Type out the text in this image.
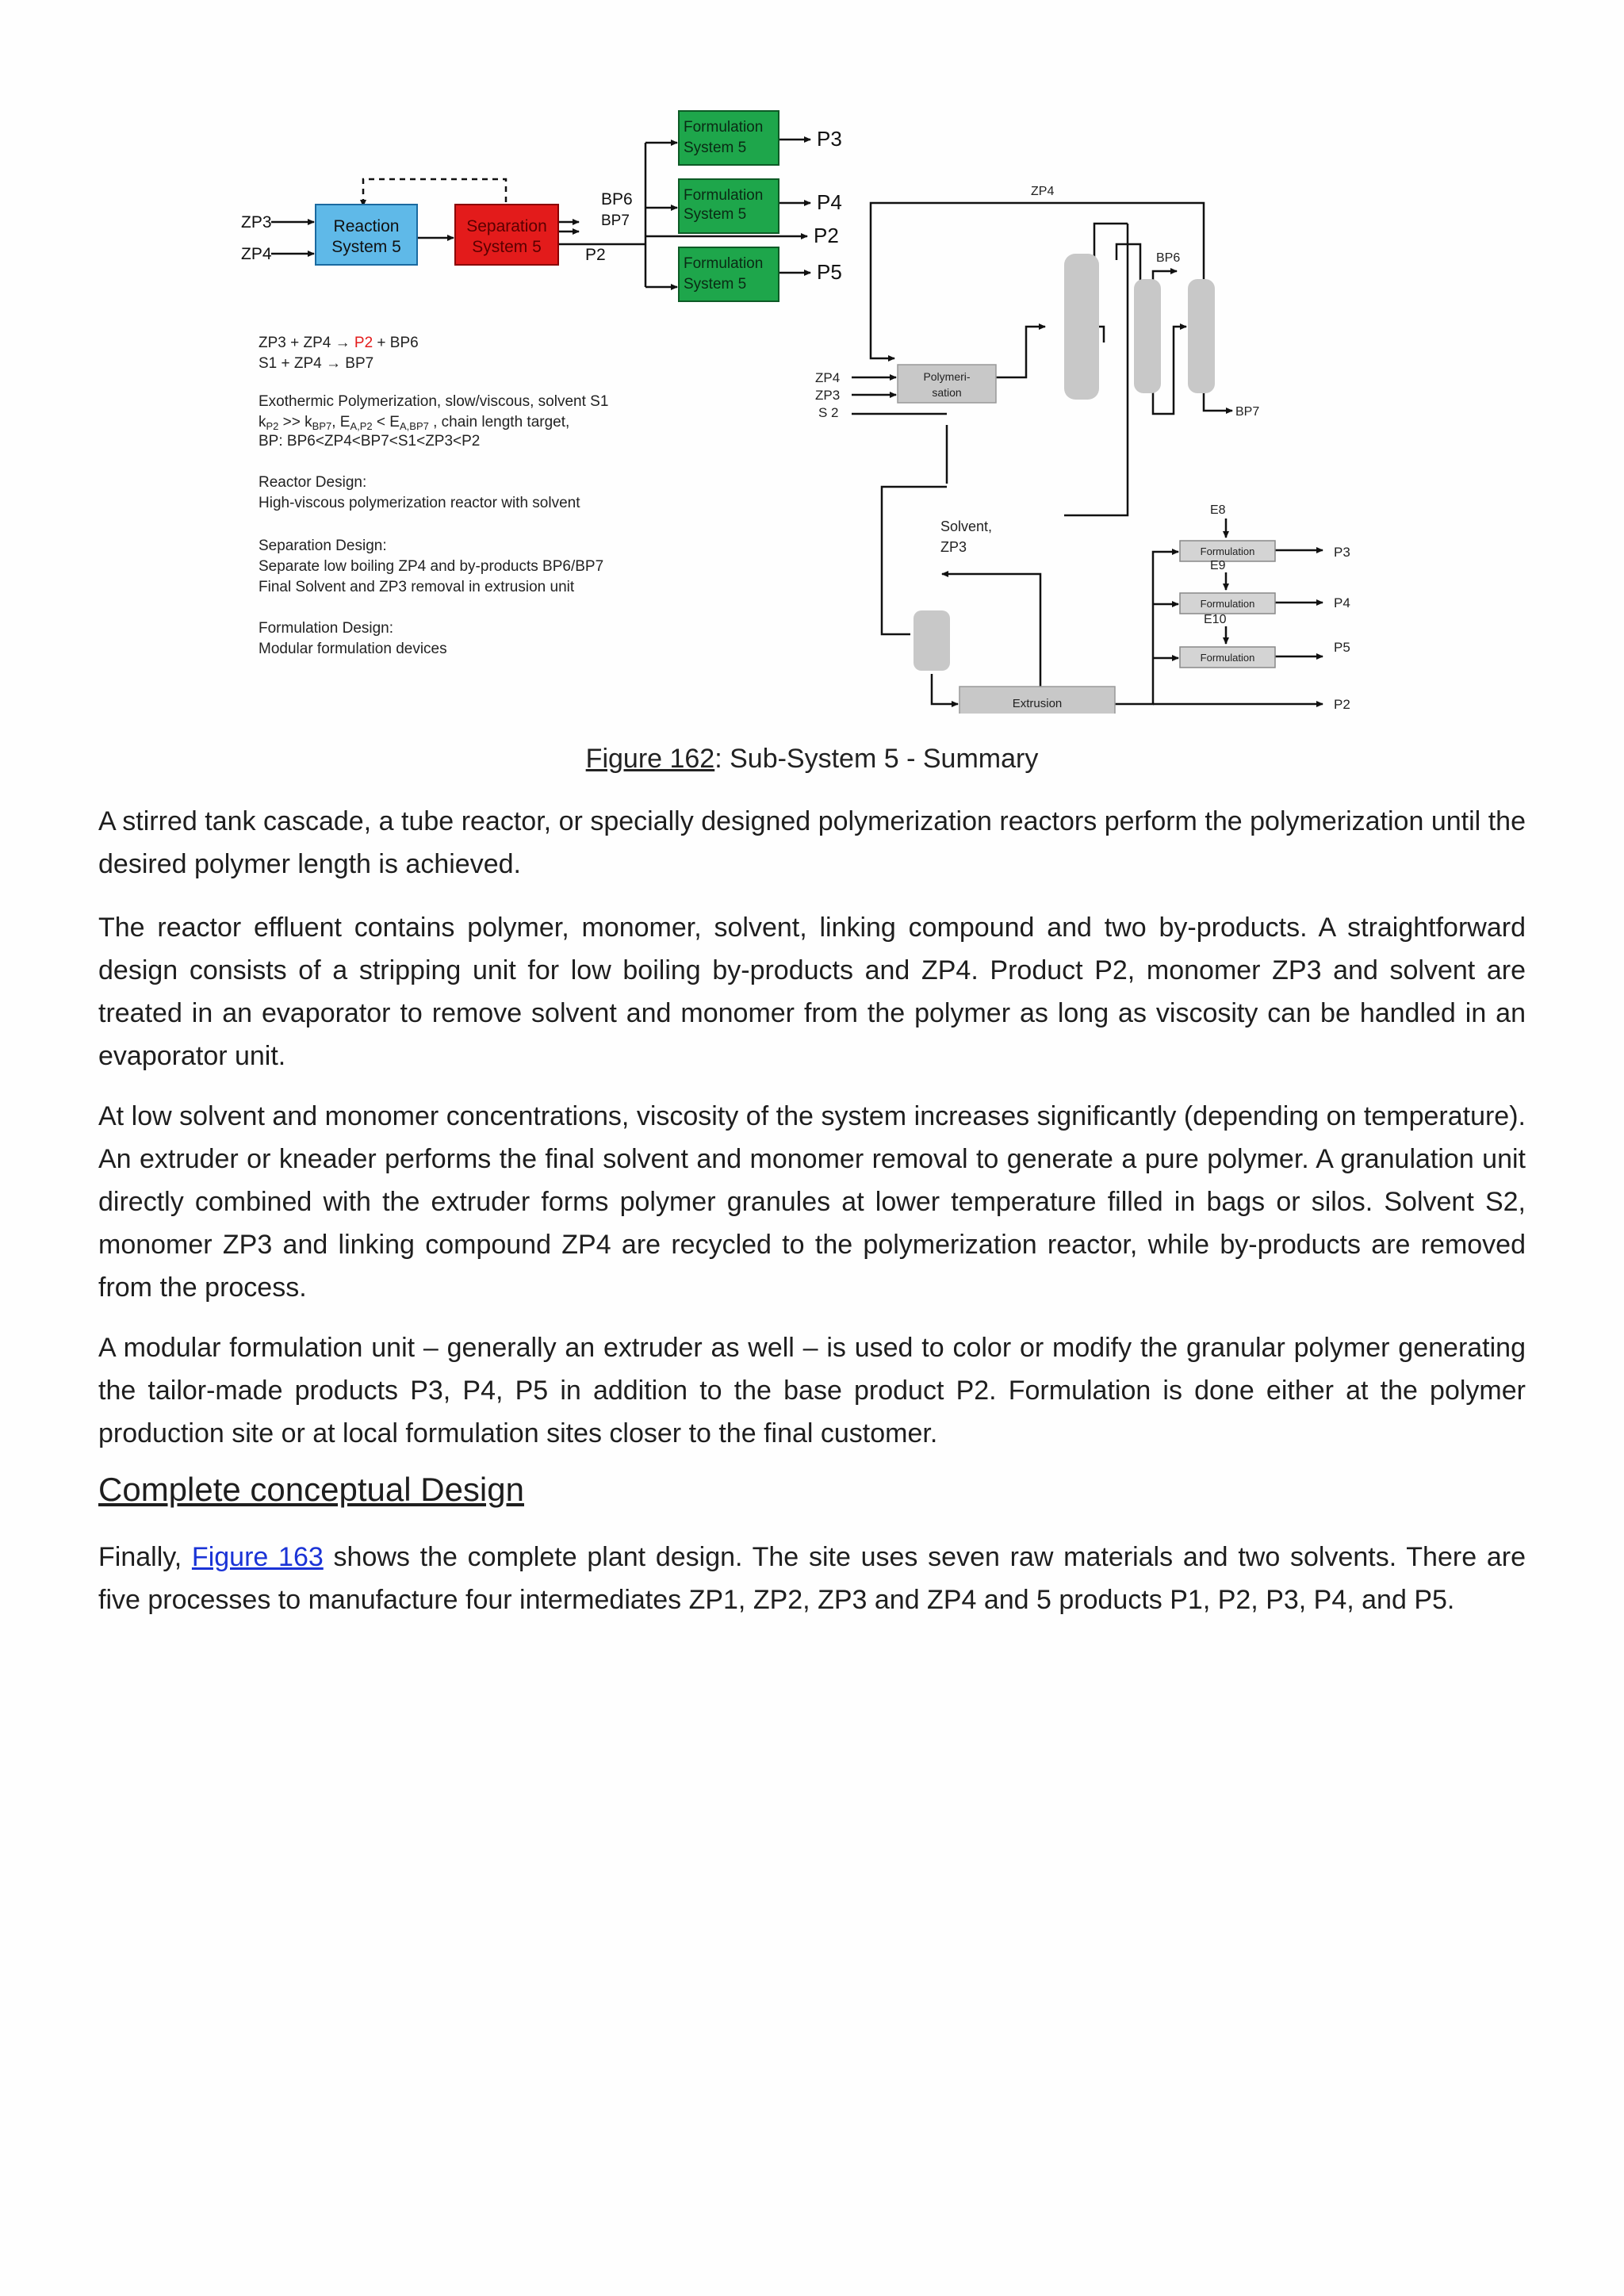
ZP3
ZP4
Reaction
System 5
Separation
System 5
BP6
BP7
P2
Formulation
System 5
Formulation
System 5
Formulation
System 5
P3
P4
P2
P5
ZP3 + ZP4 → P2 + BP6
S1 + ZP4 → BP7
Exothermic Polymerization, slow/viscous, solvent S1
$k_{P2} >> k_{BP7}$, $E_{A,P2} < E_{A,BP7}$ , chain length target,
BP: BP6<ZP4<BP7<S1<ZP3<P2
Reactor Design:
High-viscous polymerization reactor with solvent
Separation Design:
Separate low boiling ZP4 and by-products BP6/BP7
Final Solvent and ZP3 removal in extrusion unit
Formulation Design:
Modular formulation devices
ZP4
ZP3
S 2
Polymeri-
sation
ZP4
BP6
BP7
Solvent,
ZP3
Extrusion
E8
E9
E10
Formulation
Formulation
Formulation
P3
P4
P5
P2
Figure 162: Sub-System 5 - Summary

A stirred tank cascade, a tube reactor, or specially designed polymerization reactors perform the polymerization until the desired polymer length is achieved.

The reactor effluent contains polymer, monomer, solvent, linking compound and two by-products. A straightforward design consists of a stripping unit for low boiling by-products and ZP4. Product P2, monomer ZP3 and solvent are treated in an evaporator to remove solvent and monomer from the polymer as long as viscosity can be handled in an evaporator unit.

At low solvent and monomer concentrations, viscosity of the system increases significantly (depending on temperature). An extruder or kneader performs the final solvent and monomer removal to generate a pure polymer. A granulation unit directly combined with the extruder forms polymer granules at lower temperature filled in bags or silos. Solvent S2, monomer ZP3 and linking compound ZP4 are recycled to the polymerization reactor, while by-products are removed from the process.

A modular formulation unit – generally an extruder as well – is used to color or modify the granular polymer generating the tailor-made products P3, P4, P5 in addition to the base product P2. Formulation is done either at the polymer production site or at local formulation sites closer to the final customer.

Complete conceptual Design

Finally, Figure 163 shows the complete plant design. The site uses seven raw materials and two solvents. There are five processes to manufacture four intermediates ZP1, ZP2, ZP3 and ZP4 and 5 products P1, P2, P3, P4, and P5.
